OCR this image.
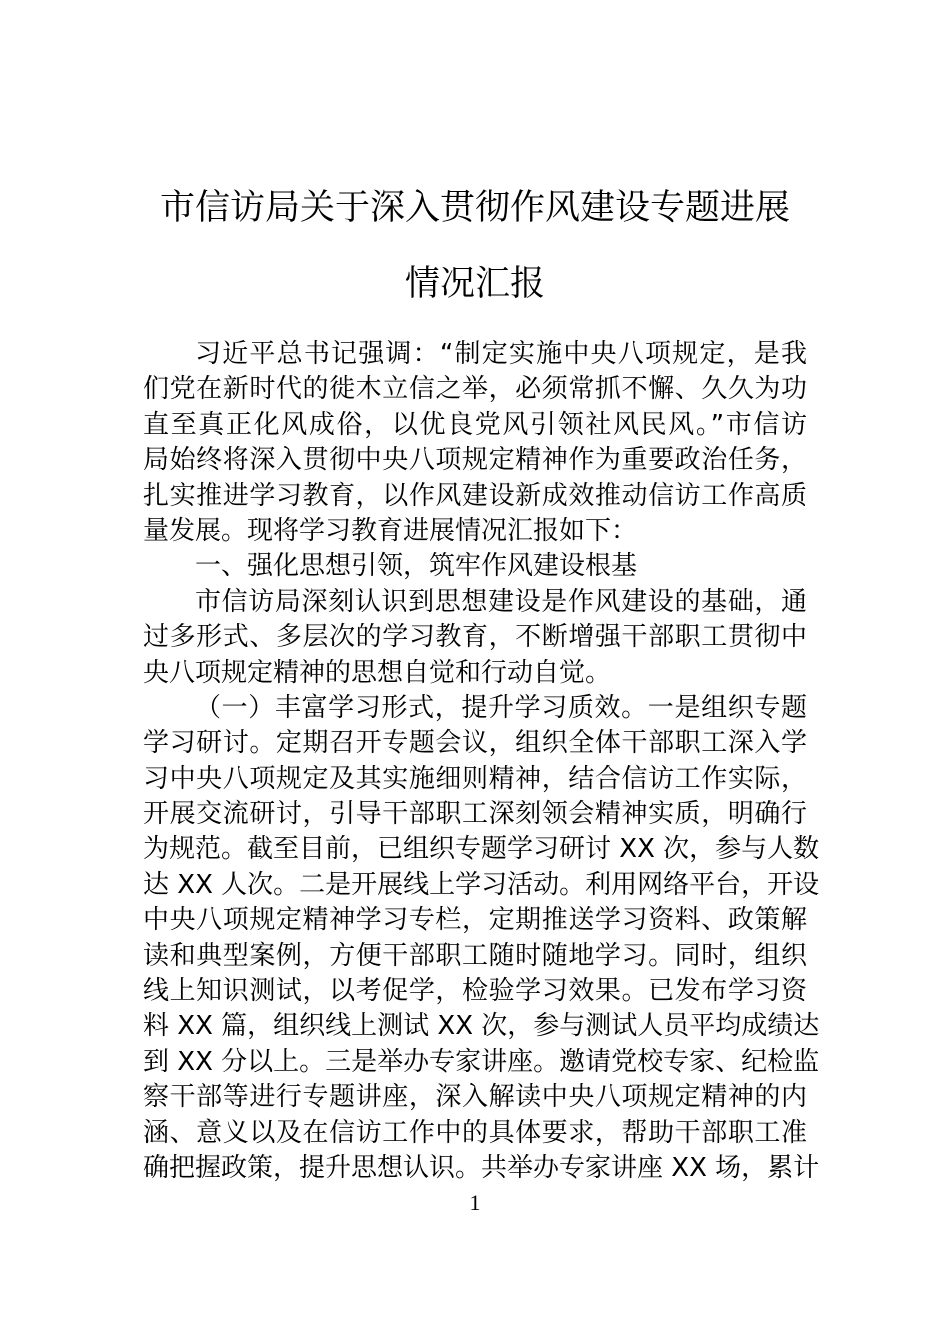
市信访局关于深入贯彻作风建设专题进展
情况汇报
习近平总书记强调：“制定实施中央八项规定，是我
们党在新时代的徙木立信之举，必须常抓不懈、久久为功
直至真正化风成俗，以优良党风引领社风民风。”市信访
局始终将深入贯彻中央八项规定精神作为重要政治任务，
扎实推进学习教育，以作风建设新成效推动信访工作高质
量发展。现将学习教育进展情况汇报如下：
一、强化思想引领，筑牢作风建设根基
市信访局深刻认识到思想建设是作风建设的基础，通
过多形式、多层次的学习教育，不断增强干部职工贯彻中
央八项规定精神的思想自觉和行动自觉。
（一）丰富学习形式，提升学习质效。一是组织专题
学习研讨。定期召开专题会议，组织全体干部职工深入学
习中央八项规定及其实施细则精神，结合信访工作实际，
开展交流研讨，引导干部职工深刻领会精神实质，明确行
为规范。截至目前，已组织专题学习研讨 XX 次，参与人数
达 XX 人次。二是开展线上学习活动。利用网络平台，开设
中央八项规定精神学习专栏，定期推送学习资料、政策解
读和典型案例，方便干部职工随时随地学习。同时，组织
线上知识测试，以考促学，检验学习效果。已发布学习资
料 XX 篇，组织线上测试 XX 次，参与测试人员平均成绩达
到 XX 分以上。三是举办专家讲座。邀请党校专家、纪检监
察干部等进行专题讲座，深入解读中央八项规定精神的内
涵、意义以及在信访工作中的具体要求，帮助干部职工准
确把握政策，提升思想认识。共举办专家讲座 XX 场，累计
1
